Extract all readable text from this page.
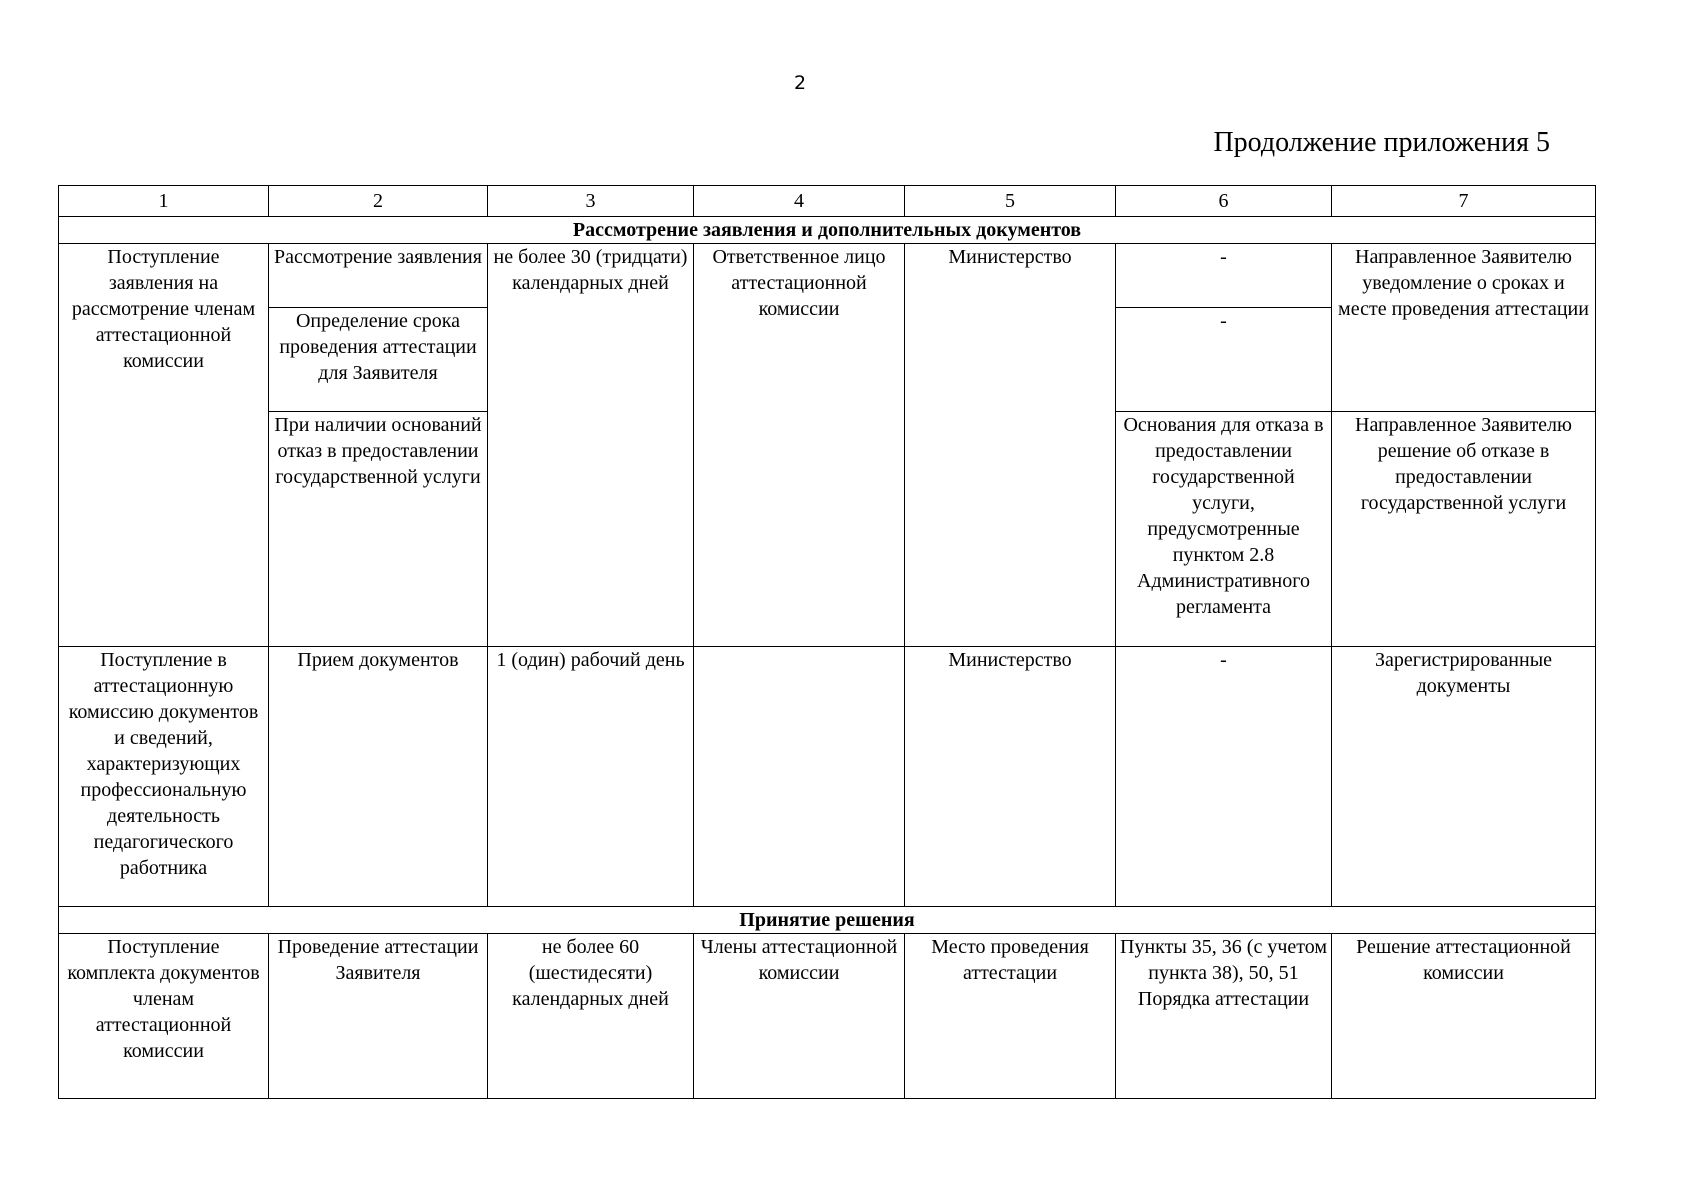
2
Продолжение приложения 5
1	2	3	4	5	6	7
Рассмотрение заявления и дополнительных документов						
Поступление заявления на рассмотрение членам аттестационной комиссии	Рассмотрение заявления	не более 30 (тридцати) календарных дней	Ответственное лицо аттестационной комиссии	Министерство	-	Направленное Заявителю уведомление о сроках и месте проведения аттестации
	Определение срока проведения аттестации для Заявителя				-	
	При наличии оснований отказ в предоставлении государственной услуги				Основания для отказа в предоставлении государственной услуги, предусмотренные пунктом 2.8 Административного регламента	Направленное Заявителю решение об отказе в предоставлении государственной услуги
Поступление в аттестационную комиссию документов и сведений, характеризующих профессиональную деятельность педагогического работника	Прием документов	1 (один) рабочий день		Министерство	-	Зарегистрированные документы
Принятие решения						
Поступление комплекта документов членам аттестационной комиссии	Проведение аттестации Заявителя	не более 60 (шестидесяти) календарных дней	Члены аттестационной комиссии	Место проведения аттестации	Пункты 35, 36 (с учетом пункта 38), 50, 51 Порядка аттестации	Решение аттестационной комиссии
